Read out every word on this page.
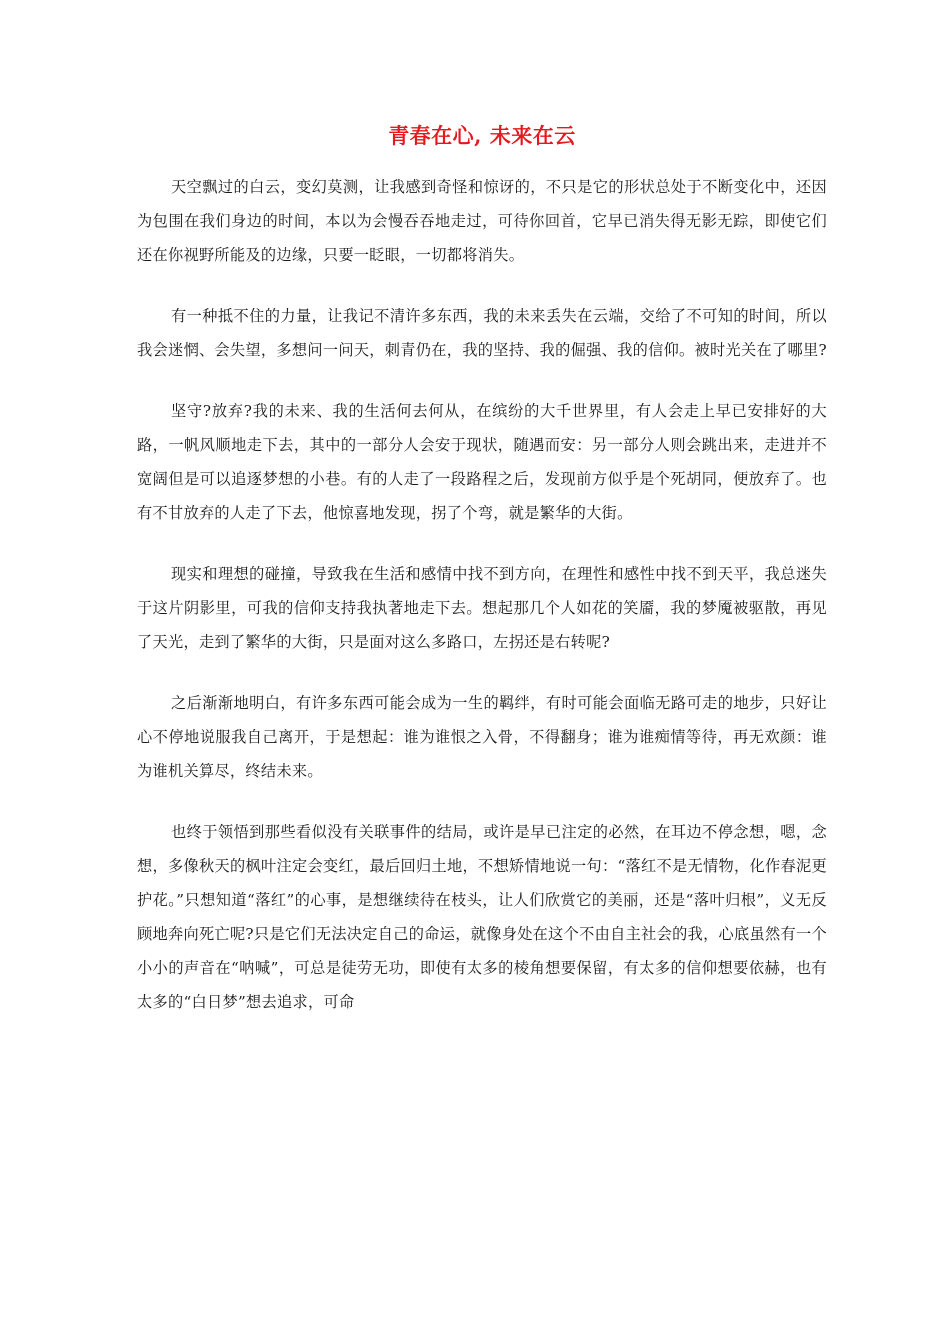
青春在心, 未来在云

天空飘过的白云，变幻莫测，让我感到奇怪和惊讶的，不只是它的形状总处于不断变化中，还因为包围在我们身边的时间，本以为会慢吞吞地走过，可待你回首，它早已消失得无影无踪，即使它们还在你视野所能及的边缘，只要一眨眼，一切都将消失。

有一种抵不住的力量，让我记不清许多东西，我的未来丢失在云端，交给了不可知的时间，所以我会迷惘、会失望，多想问一问天，刺青仍在，我的坚持、我的倔强、我的信仰。被时光关在了哪里?

坚守?放弃?我的未来、我的生活何去何从，在缤纷的大千世界里，有人会走上早已安排好的大路，一帆风顺地走下去，其中的一部分人会安于现状，随遇而安：另一部分人则会跳出来，走进并不宽阔但是可以追逐梦想的小巷。有的人走了一段路程之后，发现前方似乎是个死胡同，便放弃了。也有不甘放弃的人走了下去，他惊喜地发现，拐了个弯，就是繁华的大街。

现实和理想的碰撞，导致我在生活和感情中找不到方向，在理性和感性中找不到天平，我总迷失于这片阴影里，可我的信仰支持我执著地走下去。想起那几个人如花的笑靥，我的梦魇被驱散，再见了天光，走到了繁华的大街，只是面对这么多路口，左拐还是右转呢?

之后渐渐地明白，有许多东西可能会成为一生的羁绊，有时可能会面临无路可走的地步，只好让心不停地说服我自己离开，于是想起：谁为谁恨之入骨，不得翻身；谁为谁痴情等待，再无欢颜：谁为谁机关算尽，终结未来。

也终于领悟到那些看似没有关联事件的结局，或许是早已注定的必然，在耳边不停念想，嗯，念想，多像秋天的枫叶注定会变红，最后回归土地，不想矫情地说一句：“落红不是无情物，化作春泥更护花。”只想知道“落红”的心事，是想继续待在枝头，让人们欣赏它的美丽，还是“落叶归根”，义无反顾地奔向死亡呢?只是它们无法决定自己的命运，就像身处在这个不由自主社会的我，心底虽然有一个小小的声音在“呐喊”，可总是徒劳无功，即使有太多的棱角想要保留，有太多的信仰想要依赫，也有太多的“白日梦”想去追求，可命
